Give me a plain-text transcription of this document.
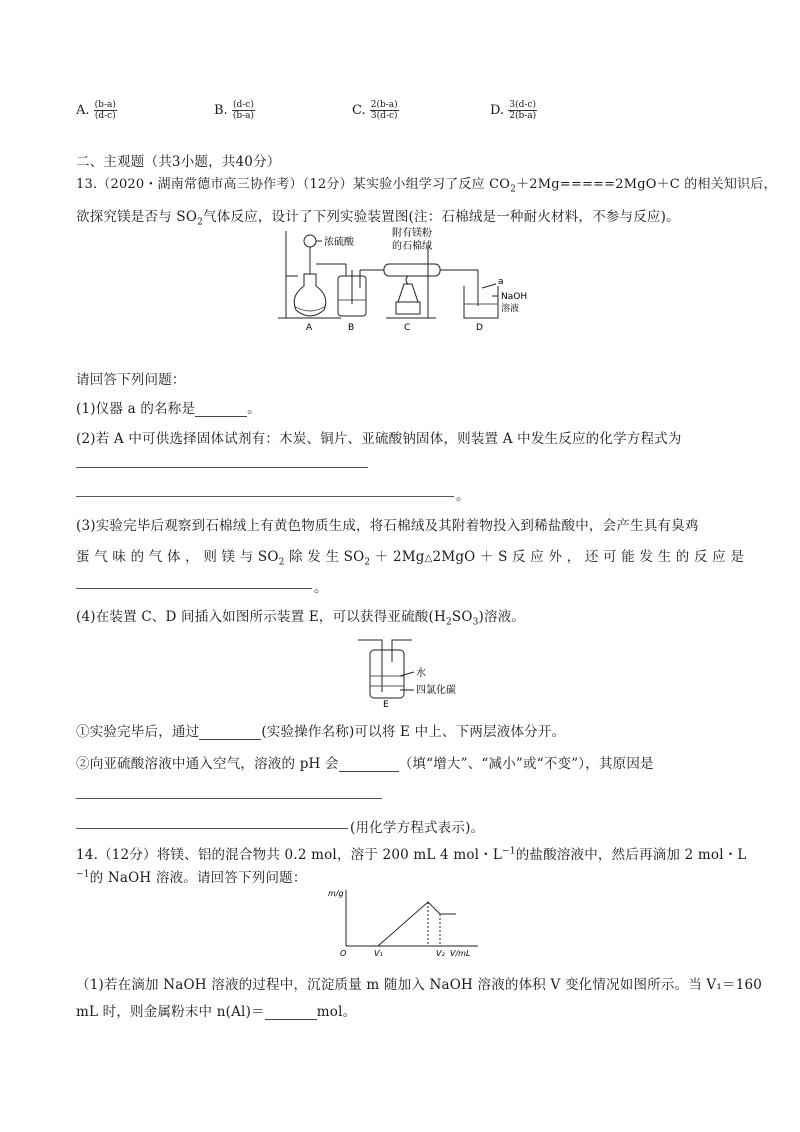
A. $\frac{(b-a)}{(d-c)}$	B. $\frac{(d-c)}{(b-a)}$	C. $\frac{2(b-a)}{3(d-c)}$	D. $\frac{3(d-c)}{2(b-a)}$
二、主观题（共3小题，共40分）
13.（2020・湖南常德市高三协作考）（12分）某实验小组学习了反应 $CO_2+2Mg=====2MgO+C$ 的相关知识后，
欲探究镁是否与 $SO_2$气体反应，设计了下列实验装置图(注：石棉绒是一种耐火材料，不参与反应)。
浓硫酸
附有镁粉
的石棉绒
a
NaOH
溶液
A	B	C	D
请回答下列问题：
(1)仪器 a 的名称是	。
(2)若 A 中可供选择固体试剂有：木炭、铜片、亚硫酸钠固体，则装置 A 中发生反应的化学方程式为
。
(3)实验完毕后观察到石棉绒上有黄色物质生成，将石棉绒及其附着物投入到稀盐酸中，会产生具有臭鸡
蛋 气 味 的 气 体 ， 则 镁 与 $SO_2$ 除 发 生 $SO_2$ ＋ 2Mg△2MgO ＋ S 反 应 外 ， 还 可 能 发 生 的 反 应 是
。
(4)在装置 C、D 间插入如图所示装置 E，可以获得亚硫酸$(H_2SO_3)$溶液。
水
四氯化碳
E
①实验完毕后，通过	(实验操作名称)可以将 E 中上、下两层液体分开。
②向亚硫酸溶液中通入空气，溶液的 pH 会	（填“增大”、“减小”或“不变”），其原因是
(用化学方程式表示)。
14.（12分）将镁、铝的混合物共 0.2 mol，溶于 200 mL 4 mol・$L^{-1}$的盐酸溶液中，然后再滴加 2 mol・L
$^{-1}$的 NaOH 溶液。请回答下列问题：
m/g
O	V₁	V₂ V/mL
（1)若在滴加 NaOH 溶液的过程中，沉淀质量 m 随加入 NaOH 溶液的体积 V 变化情况如图所示。当 V₁＝160
mL 时，则金属粉末中 n(Al)＝	mol。
